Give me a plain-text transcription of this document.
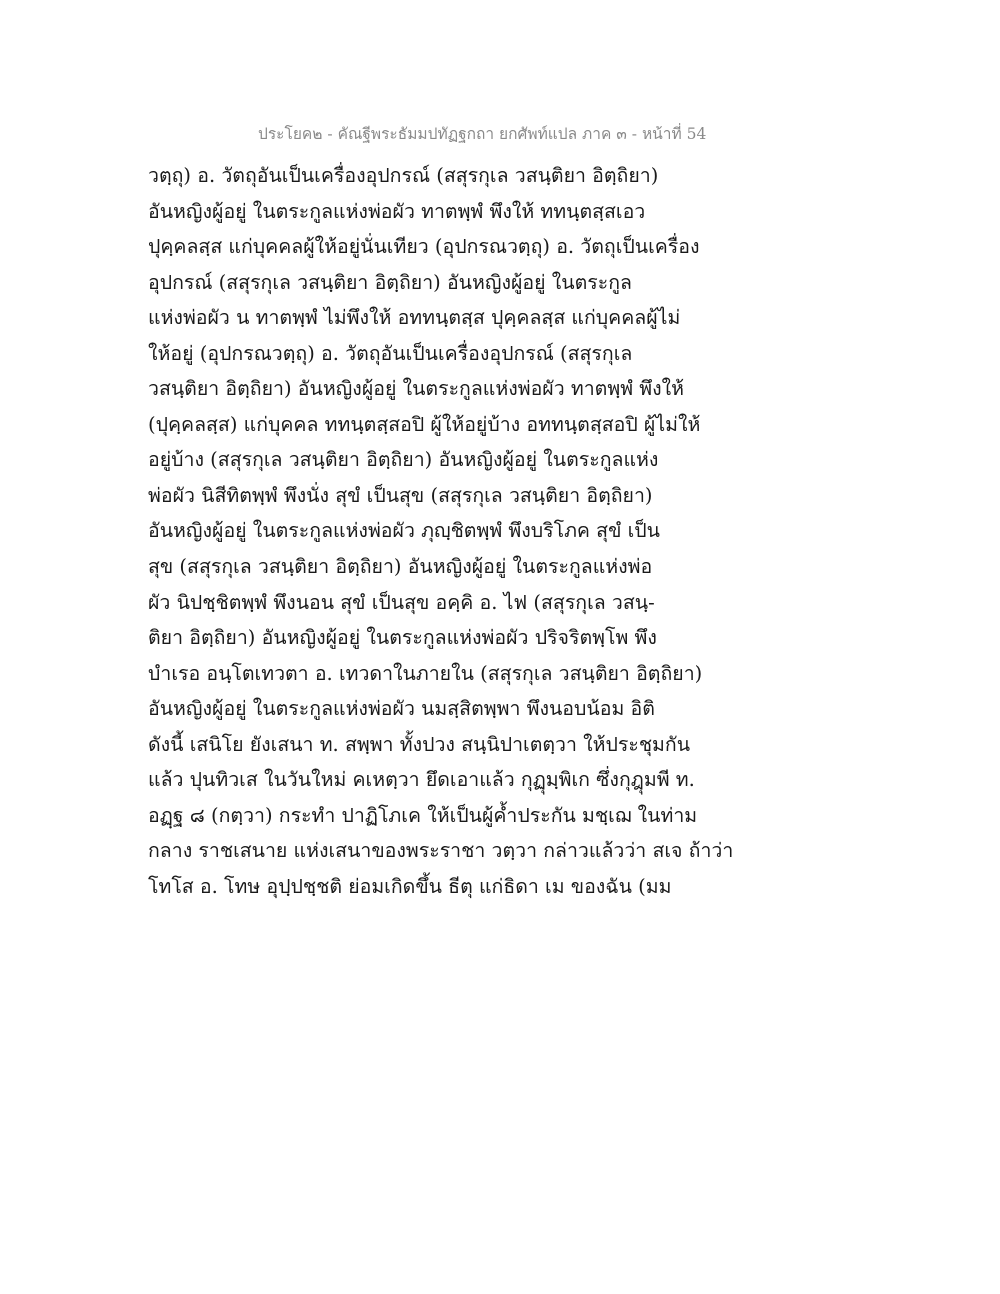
ประโยค๒ - คัณฐีพระธัมมปทัฏฐกถา ยกศัพท์แปล ภาค ๓ - หน้าที่ 54
วตฺถุ) อ. วัตถุอันเป็นเครื่องอุปกรณ์ (สสุรกุเล วสนฺติยา อิตฺถิยา)
อันหญิงผู้อยู่ ในตระกูลแห่งพ่อผัว ทาตพฺพํ พึงให้ ททนฺตสฺสเอว
ปุคฺคลสฺส แก่บุคคลผู้ให้อยู่นั่นเทียว (อุปกรณวตฺถุ) อ. วัตถุเป็นเครื่อง
อุปกรณ์ (สสุรกุเล วสนฺติยา อิตฺถิยา) อันหญิงผู้อยู่ ในตระกูล
แห่งพ่อผัว น ทาตพฺพํ ไม่พึงให้ อททนฺตสฺส ปุคฺคลสฺส แก่บุคคลผู้ไม่
ให้อยู่ (อุปกรณวตฺถุ) อ. วัตถุอันเป็นเครื่องอุปกรณ์ (สสุรกุเล
วสนฺติยา อิตฺถิยา) อันหญิงผู้อยู่ ในตระกูลแห่งพ่อผัว ทาตพฺพํ พึงให้
(ปุคฺคลสฺส) แก่บุคคล ททนฺตสฺสอปิ ผู้ให้อยู่บ้าง อททนฺตสฺสอปิ ผู้ไม่ให้
อยู่บ้าง (สสุรกุเล วสนฺติยา อิตฺถิยา) อันหญิงผู้อยู่ ในตระกูลแห่ง
พ่อผัว นิสีทิตพฺพํ พึงนั่ง สุขํ เป็นสุข (สสุรกุเล วสนฺติยา อิตฺถิยา)
อันหญิงผู้อยู่ ในตระกูลแห่งพ่อผัว ภุญฺชิตพฺพํ พึงบริโภค สุขํ เป็น
สุข (สสุรกุเล วสนฺติยา อิตฺถิยา) อันหญิงผู้อยู่ ในตระกูลแห่งพ่อ
ผัว นิปชฺชิตพฺพํ พึงนอน สุขํ เป็นสุข อคฺคิ อ. ไฟ (สสุรกุเล วสนฺ-
ติยา อิตฺถิยา) อันหญิงผู้อยู่ ในตระกูลแห่งพ่อผัว ปริจริตพฺโพ พึง
บำเรอ อนฺโตเทวตา อ. เทวดาในภายใน (สสุรกุเล วสนฺติยา อิตฺถิยา)
อันหญิงผู้อยู่ ในตระกูลแห่งพ่อผัว นมสฺสิตพฺพา พึงนอบน้อม อิติ
ดังนี้ เสนิโย ยังเสนา ท. สพฺพา ทั้งปวง สนฺนิปาเตตฺวา ให้ประชุมกัน
แล้ว ปุนทิวเส ในวันใหม่ คเหตฺวา ยึดเอาแล้ว กุฏุมฺพิเก ซึ่งกุฎุมพี ท.
อฏฺฐ ๘ (กตฺวา) กระทำ ปาฏิโภเค ให้เป็นผู้ค้ำประกัน มชฺเฌ ในท่าม
กลาง ราชเสนาย แห่งเสนาของพระราชา วตฺวา กล่าวแล้วว่า สเจ ถ้าว่า
โทโส อ. โทษ อุปฺปชฺชติ ย่อมเกิดขึ้น ธีตุ แก่ธิดา เม ของฉัน (มม
